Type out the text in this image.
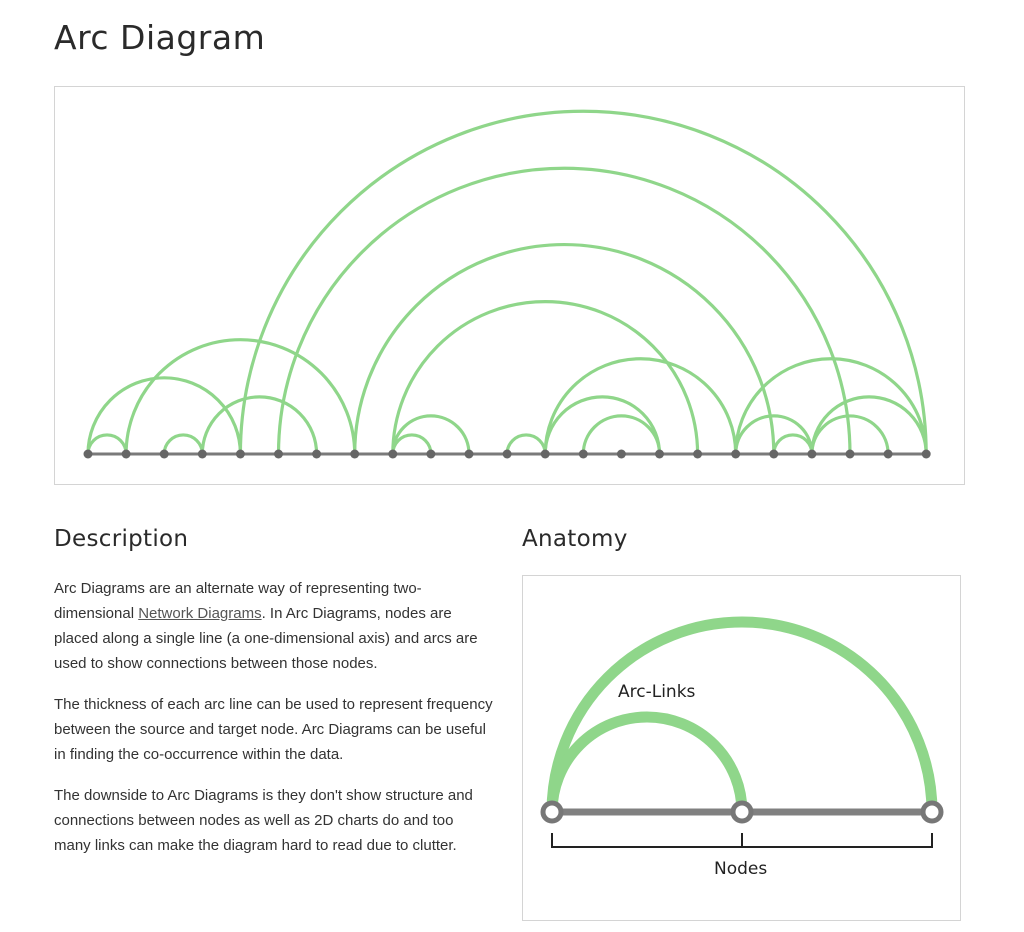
Arc Diagram
Description

Arc Diagrams are an alternate way of representing two-dimensional Network Diagrams. In Arc Diagrams, nodes are placed along a single line (a one-dimensional axis) and arcs are used to show connections between those nodes.

The thickness of each arc line can be used to represent frequency between the source and target node. Arc Diagrams can be useful in finding the co-occurrence within the data.

The downside to Arc Diagrams is they don't show structure and connections between nodes as well as 2D charts do and too many links can make the diagram hard to read due to clutter.

Anatomy
Arc-Links
Nodes
